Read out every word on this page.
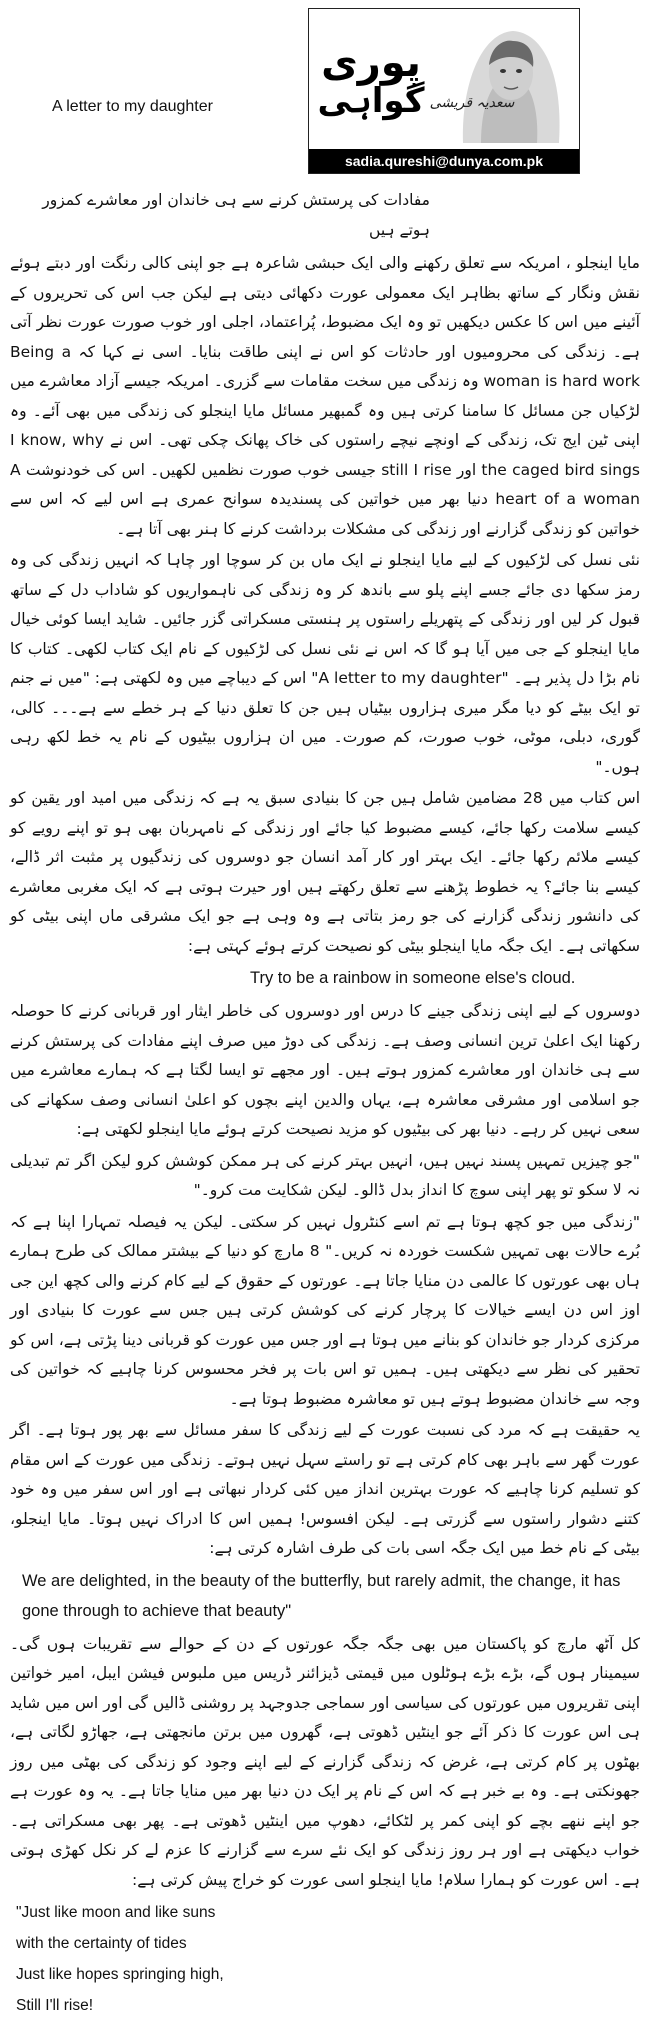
پوری
گواہی سعدیہ قریشی
sadia.qureshi@dunya.com.pk
A letter to my daughter

مفادات کی پرستش کرنے سے ہی خاندان اور معاشرے کمزور ہوتے ہیں

مایا اینجلو ، امریکہ سے تعلق رکھنے والی ایک حبشی شاعرہ ہے جو اپنی کالی رنگت اور دبتے ہوئے نقش ونگار کے ساتھ بظاہر ایک معمولی عورت دکھائی دیتی ہے لیکن جب اس کی تحریروں کے آئینے میں اس کا عکس دیکھیں تو وہ ایک مضبوط، پُراعتماد، اجلی اور خوب صورت عورت نظر آتی ہے۔ زندگی کی محرومیوں اور حادثات کو اس نے اپنی طاقت بنایا۔ اسی نے کہا کہ Being a woman is hard work وہ زندگی میں سخت مقامات سے گزری۔ امریکہ جیسے آزاد معاشرے میں لڑکیاں جن مسائل کا سامنا کرتی ہیں وہ گمبھیر مسائل مایا اینجلو کی زندگی میں بھی آئے۔ وہ اپنی ٹین ایج تک، زندگی کے اونچے نیچے راستوں کی خاک پھانک چکی تھی۔ اس نے I know, why the caged bird sings اور still I rise جیسی خوب صورت نظمیں لکھیں۔ اس کی خودنوشت A heart of a woman دنیا بھر میں خواتین کی پسندیدہ سوانح عمری ہے اس لیے کہ اس سے خواتین کو زندگی گزارنے اور زندگی کی مشکلات برداشت کرنے کا ہنر بھی آتا ہے۔

نئی نسل کی لڑکیوں کے لیے مایا اینجلو نے ایک ماں بن کر سوچا اور چاہا کہ انہیں زندگی کی وہ رمز سکھا دی جائے جسے اپنے پلو سے باندھ کر وہ زندگی کی ناہمواریوں کو شاداب دل کے ساتھ قبول کر لیں اور زندگی کے پتھریلے راستوں پر ہنستی مسکراتی گزر جائیں۔ شاید ایسا کوئی خیال مایا اینجلو کے جی میں آیا ہو گا کہ اس نے نئی نسل کی لڑکیوں کے نام ایک کتاب لکھی۔ کتاب کا نام بڑا دل پذیر ہے۔ "A letter to my daughter" اس کے دیباچے میں وہ لکھتی ہے: "میں نے جنم تو ایک بیٹے کو دیا مگر میری ہزاروں بیٹیاں ہیں جن کا تعلق دنیا کے ہر خطے سے ہے۔۔۔ کالی، گوری، دبلی، موٹی، خوب صورت، کم صورت۔ میں ان ہزاروں بیٹیوں کے نام یہ خط لکھ رہی ہوں۔"

اس کتاب میں 28 مضامین شامل ہیں جن کا بنیادی سبق یہ ہے کہ زندگی میں امید اور یقین کو کیسے سلامت رکھا جائے، کیسے مضبوط کیا جائے اور زندگی کے نامہربان بھی ہو تو اپنے رویے کو کیسے ملائم رکھا جائے۔ ایک بہتر اور کار آمد انسان جو دوسروں کی زندگیوں پر مثبت اثر ڈالے، کیسے بنا جائے؟ یہ خطوط پڑھنے سے تعلق رکھتے ہیں اور حیرت ہوتی ہے کہ ایک مغربی معاشرے کی دانشور زندگی گزارنے کی جو رمز بتاتی ہے وہ وہی ہے جو ایک مشرقی ماں اپنی بیٹی کو سکھاتی ہے۔ ایک جگہ مایا اینجلو بیٹی کو نصیحت کرتے ہوئے کہتی ہے:

Try to be a rainbow in someone else's cloud.

دوسروں کے لیے اپنی زندگی جینے کا درس اور دوسروں کی خاطر ایثار اور قربانی کرنے کا حوصلہ رکھنا ایک اعلیٰ ترین انسانی وصف ہے۔ زندگی کی دوڑ میں صرف اپنے مفادات کی پرستش کرنے سے ہی خاندان اور معاشرے کمزور ہوتے ہیں۔ اور مجھے تو ایسا لگتا ہے کہ ہمارے معاشرے میں جو اسلامی اور مشرقی معاشرہ ہے، یہاں والدین اپنے بچوں کو اعلیٰ انسانی وصف سکھانے کی سعی نہیں کر رہے۔ دنیا بھر کی بیٹیوں کو مزید نصیحت کرتے ہوئے مایا اینجلو لکھتی ہے:

"جو چیزیں تمہیں پسند نہیں ہیں، انہیں بہتر کرنے کی ہر ممکن کوشش کرو لیکن اگر تم تبدیلی نہ لا سکو تو پھر اپنی سوچ کا انداز بدل ڈالو۔ لیکن شکایت مت کرو۔"

"زندگی میں جو کچھ ہوتا ہے تم اسے کنٹرول نہیں کر سکتی۔ لیکن یہ فیصلہ تمہارا اپنا ہے کہ بُرے حالات بھی تمہیں شکست خوردہ نہ کریں۔" 8 مارچ کو دنیا کے بیشتر ممالک کی طرح ہمارے ہاں بھی عورتوں کا عالمی دن منایا جاتا ہے۔ عورتوں کے حقوق کے لیے کام کرنے والی کچھ این جی اوز اس دن ایسے خیالات کا پرچار کرنے کی کوشش کرتی ہیں جس سے عورت کا بنیادی اور مرکزی کردار جو خاندان کو بنانے میں ہوتا ہے اور جس میں عورت کو قربانی دینا پڑتی ہے، اس کو تحقیر کی نظر سے دیکھتی ہیں۔ ہمیں تو اس بات پر فخر محسوس کرنا چاہیے کہ خواتین کی وجہ سے خاندان مضبوط ہوتے ہیں تو معاشرہ مضبوط ہوتا ہے۔

یہ حقیقت ہے کہ مرد کی نسبت عورت کے لیے زندگی کا سفر مسائل سے بھر پور ہوتا ہے۔ اگر عورت گھر سے باہر بھی کام کرتی ہے تو راستے سہل نہیں ہوتے۔ زندگی میں عورت کے اس مقام کو تسلیم کرنا چاہیے کہ عورت بہترین انداز میں کئی کردار نبھاتی ہے اور اس سفر میں وہ خود کتنے دشوار راستوں سے گزرتی ہے۔ لیکن افسوس! ہمیں اس کا ادراک نہیں ہوتا۔ مایا اینجلو، بیٹی کے نام خط میں ایک جگہ اسی بات کی طرف اشارہ کرتی ہے:

We are delighted, in the beauty of the butterfly, but rarely admit, the change, it has gone through to achieve that beauty"

کل آٹھ مارچ کو پاکستان میں بھی جگہ جگہ عورتوں کے دن کے حوالے سے تقریبات ہوں گی۔ سیمینار ہوں گے، بڑے بڑے ہوٹلوں میں قیمتی ڈیزائنر ڈریس میں ملبوس فیشن ایبل، امیر خواتین اپنی تقریروں میں عورتوں کی سیاسی اور سماجی جدوجہد پر روشنی ڈالیں گی اور اس میں شاید ہی اس عورت کا ذکر آئے جو اینٹیں ڈھوتی ہے، گھروں میں برتن مانجھتی ہے، جھاڑو لگاتی ہے، بھٹوں پر کام کرتی ہے، غرض کہ زندگی گزارنے کے لیے اپنے وجود کو زندگی کی بھٹی میں روز جھونکتی ہے۔ وہ بے خبر ہے کہ اس کے نام پر ایک دن دنیا بھر میں منایا جاتا ہے۔ یہ وہ عورت ہے جو اپنے ننھے بچے کو اپنی کمر پر لٹکائے، دھوپ میں اینٹیں ڈھوتی ہے۔ پھر بھی مسکراتی ہے۔ خواب دیکھتی ہے اور ہر روز زندگی کو ایک نئے سرے سے گزارنے کا عزم لے کر نکل کھڑی ہوتی ہے۔ اس عورت کو ہمارا سلام! مایا اینجلو اسی عورت کو خراج پیش کرتی ہے:

"Just like moon and like suns

with the certainty of tides

Just like hopes springing high,

Still I'll rise!
